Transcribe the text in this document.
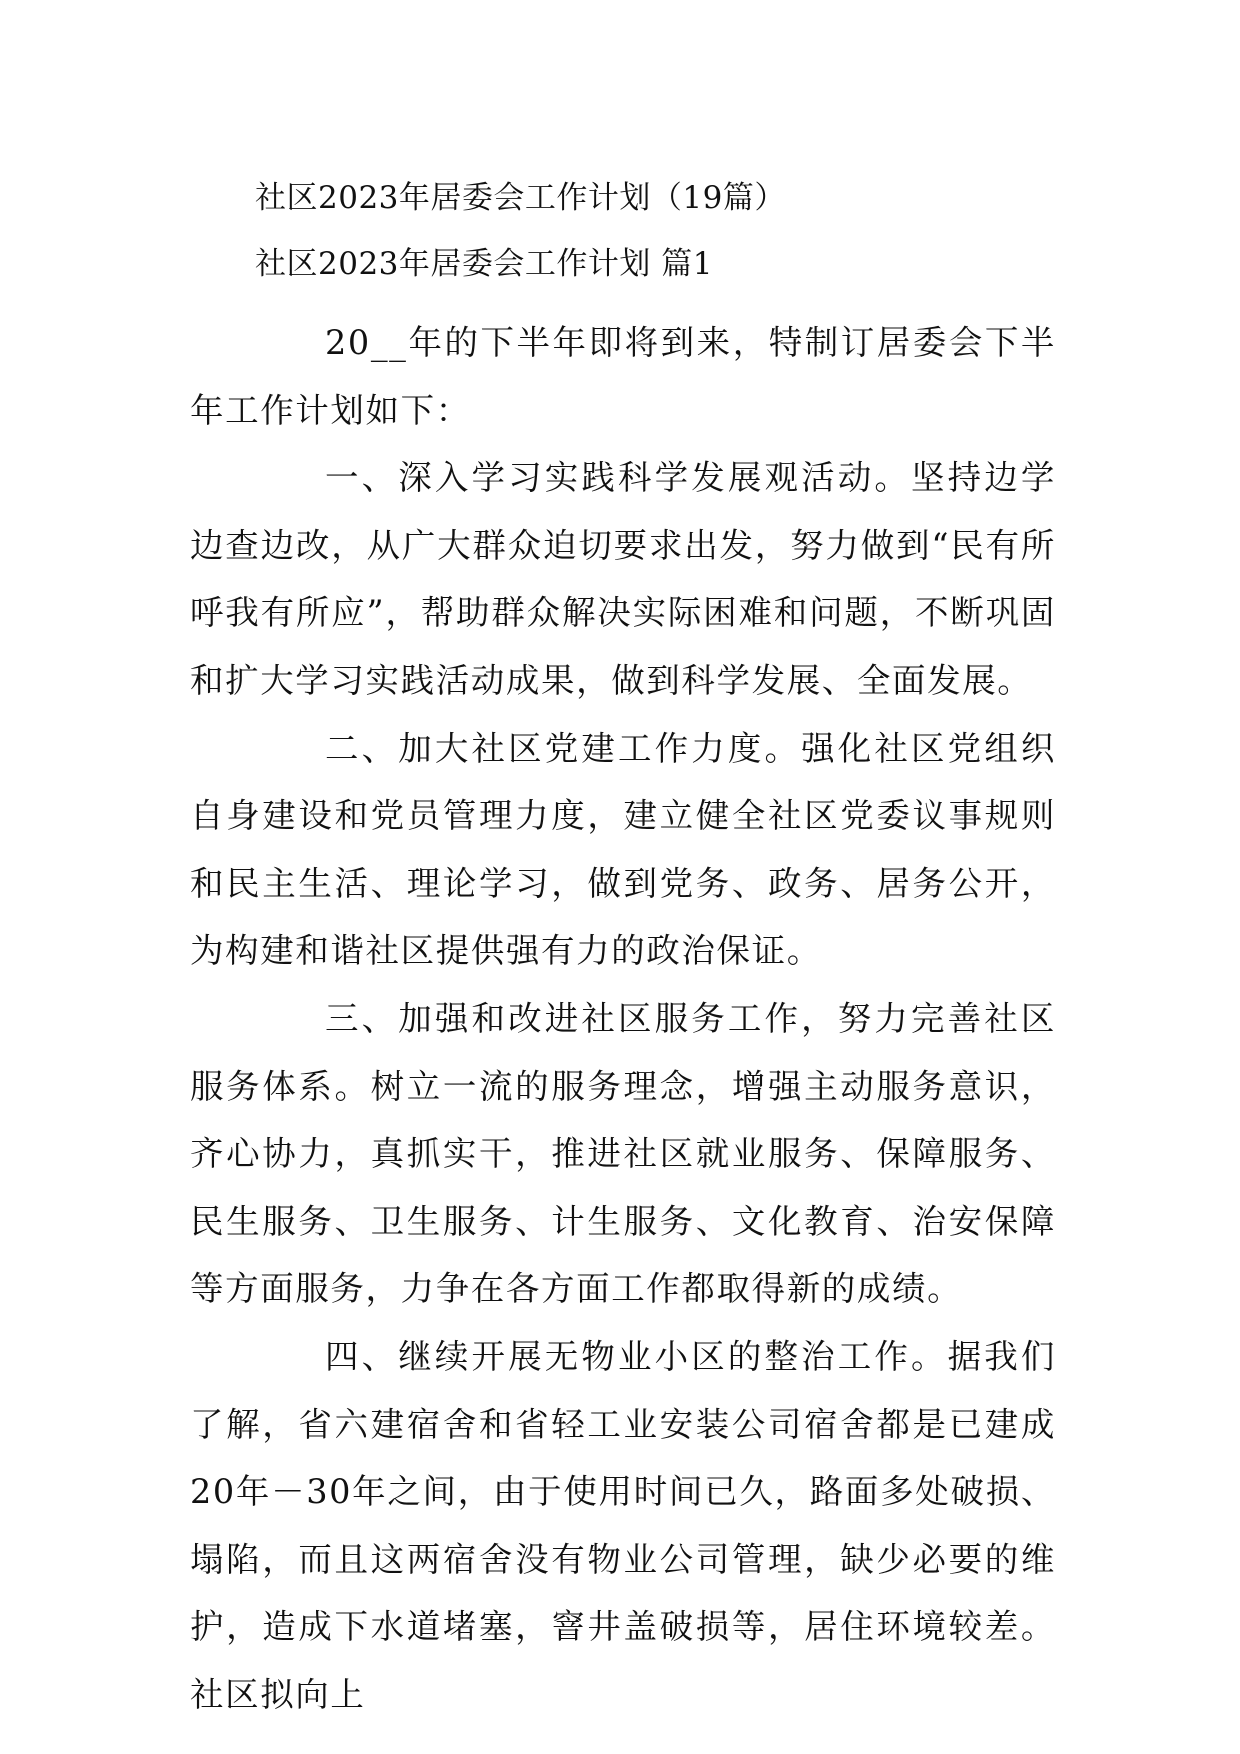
社区2023年居委会工作计划（19篇）
社区2023年居委会工作计划 篇1

20__年的下半年即将到来，特制订居委会下半年工作计划如下：

一、深入学习实践科学发展观活动。坚持边学边查边改，从广大群众迫切要求出发，努力做到“民有所呼我有所应”，帮助群众解决实际困难和问题，不断巩固和扩大学习实践活动成果，做到科学发展、全面发展。

二、加大社区党建工作力度。强化社区党组织自身建设和党员管理力度，建立健全社区党委议事规则和民主生活、理论学习，做到党务、政务、居务公开，为构建和谐社区提供强有力的政治保证。

三、加强和改进社区服务工作，努力完善社区服务体系。树立一流的服务理念，增强主动服务意识，齐心协力，真抓实干，推进社区就业服务、保障服务、民生服务、卫生服务、计生服务、文化教育、治安保障等方面服务，力争在各方面工作都取得新的成绩。

四、继续开展无物业小区的整治工作。据我们了解，省六建宿舍和省轻工业安装公司宿舍都是已建成20年－30年之间，由于使用时间已久，路面多处破损、塌陷，而且这两宿舍没有物业公司管理，缺少必要的维护，造成下水道堵塞，窨井盖破损等，居住环境较差。社区拟向上
